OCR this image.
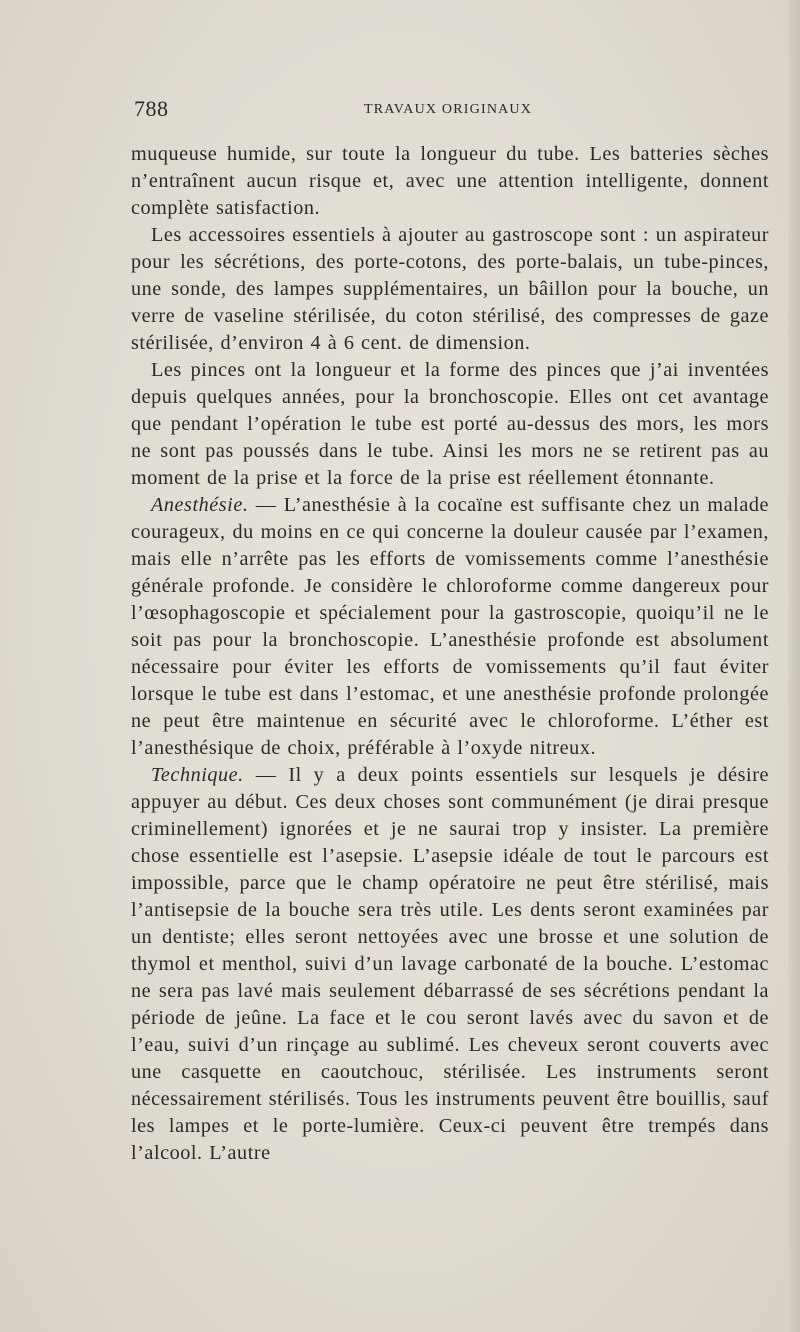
788	TRAVAUX ORIGINAUX

muqueuse humide, sur toute la longueur du tube. Les batteries sèches n’entraînent aucun risque et, avec une attention intelligente, donnent complète satisfaction.

Les accessoires essentiels à ajouter au gastroscope sont : un aspirateur pour les sécrétions, des porte-cotons, des porte-balais, un tube-pinces, une sonde, des lampes supplémentaires, un bâillon pour la bouche, un verre de vaseline stérilisée, du coton stérilisé, des compresses de gaze stérilisée, d’environ 4 à 6 cent. de dimension.

Les pinces ont la longueur et la forme des pinces que j’ai inventées depuis quelques années, pour la bronchoscopie. Elles ont cet avantage que pendant l’opération le tube est porté au-dessus des mors, les mors ne sont pas poussés dans le tube. Ainsi les mors ne se retirent pas au moment de la prise et la force de la prise est réellement étonnante.

Anesthésie. — L’anesthésie à la cocaïne est suffisante chez un malade courageux, du moins en ce qui concerne la douleur causée par l’examen, mais elle n’arrête pas les efforts de vomissements comme l’anesthésie générale profonde. Je considère le chloroforme comme dangereux pour l’œsophagoscopie et spécialement pour la gastroscopie, quoiqu’il ne le soit pas pour la bronchoscopie. L’anesthésie profonde est absolument nécessaire pour éviter les efforts de vomissements qu’il faut éviter lorsque le tube est dans l’estomac, et une anesthésie profonde prolongée ne peut être maintenue en sécurité avec le chloroforme. L’éther est l’anesthésique de choix, préférable à l’oxyde nitreux.

Technique. — Il y a deux points essentiels sur lesquels je désire appuyer au début. Ces deux choses sont communément (je dirai presque criminellement) ignorées et je ne saurai trop y insister. La première chose essentielle est l’asepsie. L’asepsie idéale de tout le parcours est impossible, parce que le champ opératoire ne peut être stérilisé, mais l’antisepsie de la bouche sera très utile. Les dents seront examinées par un dentiste; elles seront nettoyées avec une brosse et une solution de thymol et menthol, suivi d’un lavage carbonaté de la bouche. L’estomac ne sera pas lavé mais seulement débarrassé de ses sécrétions pendant la période de jeûne. La face et le cou seront lavés avec du savon et de l’eau, suivi d’un rinçage au sublimé. Les cheveux seront couverts avec une casquette en caoutchouc, stérilisée. Les instruments seront nécessairement stérilisés. Tous les instruments peuvent être bouillis, sauf les lampes et le porte-lumière. Ceux-ci peuvent être trempés dans l’alcool. L’autre
